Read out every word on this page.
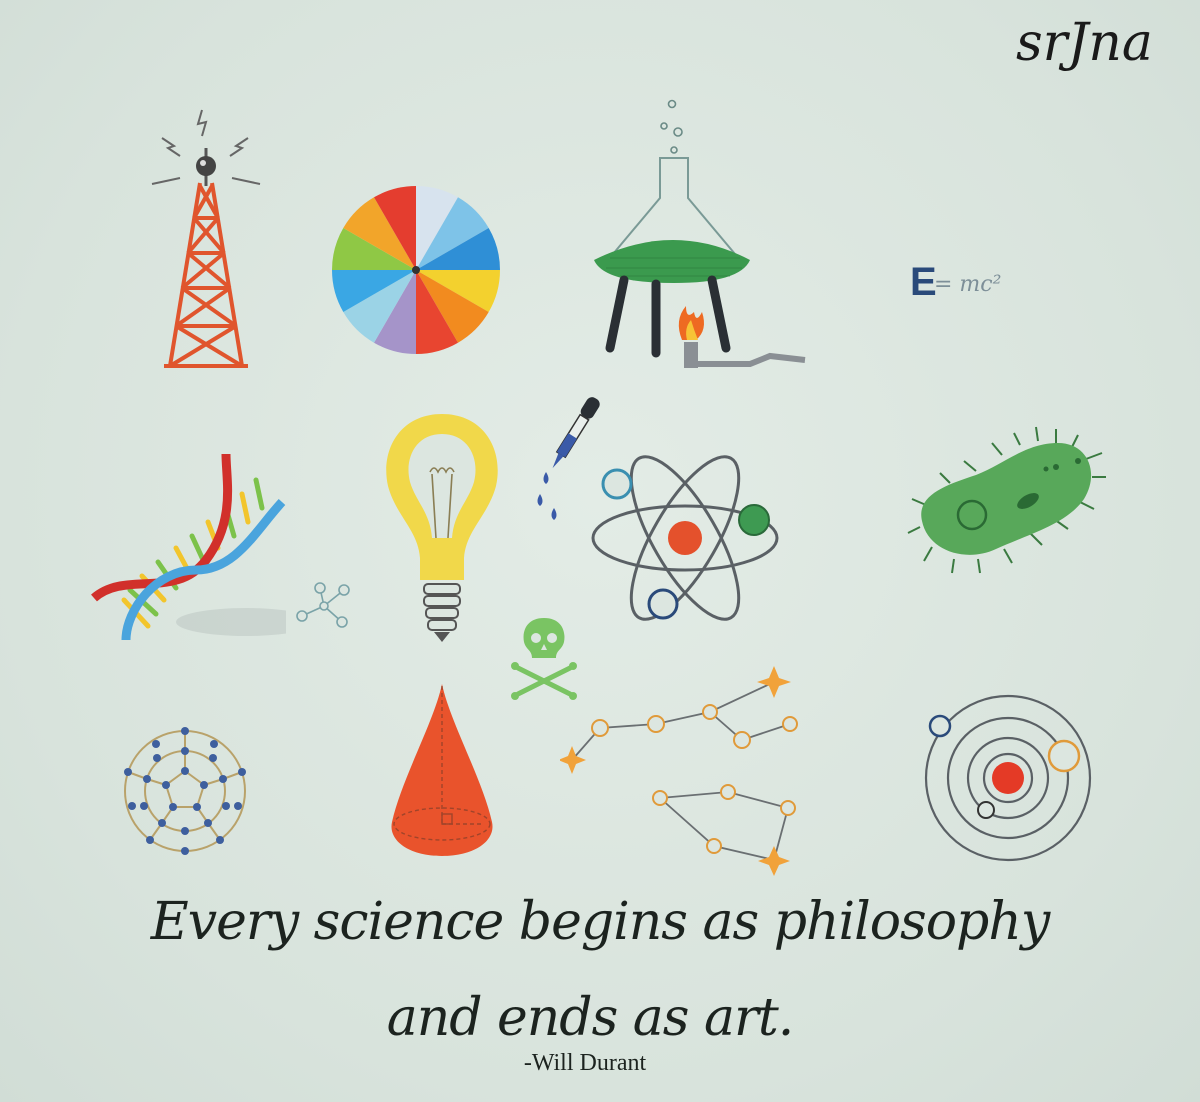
srJna
E
= mc²
Every science begins as philosophy
and ends as art.
-Will Durant
